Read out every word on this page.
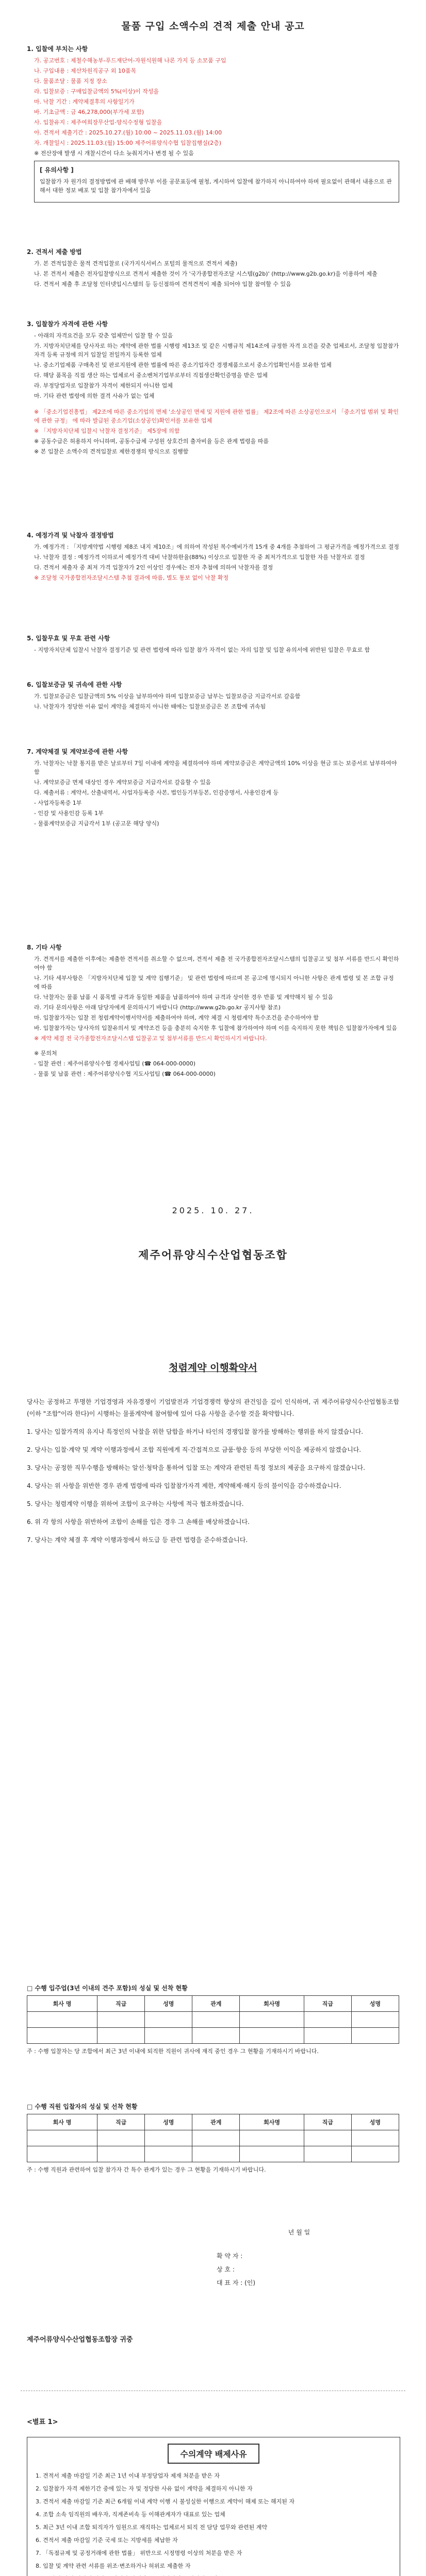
물품 구입 소액수의 견적 제출 안내 공고
1. 입찰에 부치는 사항
가. 공고번호 : 제철수해농부-푸드재단어-자원식원해 나론 가지 등 소모품 구입
나. 구입내용 : 제산차원직공구 외 10품목
다. 물품조달 : 물품 지정 장소
라. 입찰보증 : 구매입찰금액의 5%(이상)이 작성을
마. 낙찰 기간 : 계약체결후의 사항일기가
바. 기초금액 : 금 46,278,000(부가세 포함)
사. 입찰유지 : 제주여희장무산업-양식수정형 입찰을
아. 견적서 제출기간 : 2025.10.27.(월) 10:00 ~ 2025.11.03.(월) 14:00
자. 개찰일시 : 2025.11.03.(월) 15:00 제주어류양식수협 입찰집행실(2층)
※ 전산장애 발생 시 개찰시간이 다소 늦춰지거나 변경 될 수 있음
[ 유의사항 ]
입찰참가 자 원가의 결정방법에 관 배해 방무부 이를 공문표등에 필청, 게시하여 입찰에 참가하지 아니하여야 하며 필요없이 관해서 내용으로 관해서 대한 정보 배포 및 입찰 참가자에서 있음
2. 견적서 제출 방법
가. 본 견적입찰은 물적 견적입찰로 (국가지식서비스 포털의 물적으로 견적서 제출)
나. 본 견적서 제출은 전자입찰방식으로 견적서 제출한 것이 가 '국가종합전자조달 시스템(g2b)' (http://www.g2b.go.kr)을 이용하여 제출
다. 견적서 제출 후 조달청 인터넷입시스템의 등 등신점하여 견적견적이 제출 되어야 입찰 참여할 수 있음
3. 입찰참가 자격에 관한 사항
- 아래의 자격요건을 모두 갖춘 업체만이 입찰 할 수 있음
가. 지방자치단체를 당사자로 하는 계약에 관한 법률 시행령 제13조 및 같은 시행규칙 제14조에 규정한 자격 요건을 갖춘 업체로서, 조달청 입찰참가자격 등록 규정에 의거 입찰일 전일까지 등록한 업체
나. 중소기업제품 구매촉진 및 판로지원에 관한 법률에 따른 중소기업자간 경쟁제품으로서 중소기업확인서를 보유한 업체
다. 해당 품목을 직접 생산 하는 업체로서 중소벤처기업부로부터 직접생산확인증명을 받은 업체
라. 부정당업자로 입찰참가 자격이 제한되지 아니한 업체
마. 기타 관련 법령에 의한 결격 사유가 없는 업체
※ 「중소기업진흥법」 제2조에 따른 중소기업의 면제 '소상공인 면세 및 지원에 관한 법률」 제2조에 따른 소상공인으로서 「중소기업 범위 및 확인에 관한 규정」 에 따라 발급된 중소기업(소상공인)확인서를 보유한 업체
※ 「지방자치단체 입찰시 낙찰자 결정기준」 제5장에 의함
※ 공동수급은 허용하지 아니하며, 공동수급체 구성원 상호간의 출자비율 등은 관계 법령을 따름
※ 본 입찰은 소액수의 견적입찰로 제한경쟁의 방식으로 집행함
4. 예정가격 및 낙찰자 결정방법
가. 예정가격 : 「지방계약법 시행령 제8조 내지 제10조」에 의하여 작성된 복수예비가격 15개 중 4개를 추첨하여 그 평균가격을 예정가격으로 결정
나. 낙찰자 결정 : 예정가격 이하로서 예정가격 대비 낙찰하한율(88%) 이상으로 입찰한 자 중 최저가격으로 입찰한 자를 낙찰자로 결정
다. 견적서 제출자 중 최저 가격 입찰자가 2인 이상인 경우에는 전자 추첨에 의하여 낙찰자를 결정
※ 조달청 국가종합전자조달시스템 추첨 결과에 따름, 별도 통보 없이 낙찰 확정
5. 입찰무효 및 무효 관련 사항
- 지방자치단체 입찰시 낙찰자 결정기준 및 관련 법령에 따라 입찰 참가 자격이 없는 자의 입찰 및 입찰 유의서에 위반된 입찰은 무효로 함
6. 입찰보증금 및 귀속에 관한 사항
가. 입찰보증금은 입찰금액의 5% 이상을 납부하여야 하며 입찰보증금 납부는 입찰보증금 지급각서로 갈음함
나. 낙찰자가 정당한 이유 없이 계약을 체결하지 아니한 때에는 입찰보증금은 본 조합에 귀속됨
7. 계약체결 및 계약보증에 관한 사항
가. 낙찰자는 낙찰 통지를 받은 날로부터 7일 이내에 계약을 체결하여야 하며 계약보증금은 계약금액의 10% 이상을 현금 또는 보증서로 납부하여야 함
나. 계약보증금 면제 대상인 경우 계약보증금 지급각서로 갈음할 수 있음
다. 제출서류 : 계약서, 산출내역서, 사업자등록증 사본, 법인등기부등본, 인감증명서, 사용인감계 등
- 사업자등록증 1부
- 인감 및 사용인감 등록 1부
- 물품계약보증금 지급각서 1부 (공고문 해당 양식)
8. 기타 사항
가. 견적서를 제출한 이후에는 제출한 견적서를 취소할 수 없으며, 견적서 제출 전 국가종합전자조달시스템의 입찰공고 및 첨부 서류를 반드시 확인하여야 함
나. 기타 세부사항은 「지방자치단체 입찰 및 계약 집행기준」 및 관련 법령에 따르며 본 공고에 명시되지 아니한 사항은 관계 법령 및 본 조합 규정에 따름
다. 낙찰자는 물품 납품 시 품목별 규격과 동일한 제품을 납품하여야 하며 규격과 상이한 경우 반품 및 계약해지 될 수 있음
라. 기타 문의사항은 아래 담당자에게 문의하시기 바랍니다 (http://www.g2b.go.kr 공지사항 참조)
마. 입찰참가자는 입찰 전 청렴계약이행서약서를 제출하여야 하며, 계약 체결 시 청렴계약 특수조건을 준수하여야 함
바. 입찰참가자는 당사자의 입찰유의서 및 계약조건 등을 충분히 숙지한 후 입찰에 참가하여야 하며 이를 숙지하지 못한 책임은 입찰참가자에게 있음
※ 계약 체결 전 국가종합전자조달시스템 입찰공고 및 첨부서류를 반드시 확인하시기 바랍니다.
※ 문의처
- 입찰 관련 : 제주어류양식수협 경제사업팀 (☎ 064-000-0000)
- 물품 및 납품 관련 : 제주어류양식수협 지도사업팀 (☎ 064-000-0000)
2025. 10. 27.
제주어류양식수산업협동조합
청렴계약 이행확약서
당사는 공정하고 투명한 기업경영과 자유경쟁이 기업발전과 기업경쟁력 향상의 관건임을 깊이 인식하며, 귀 제주어류양식수산업협동조합(이하 "조합"이라 한다)이 시행하는 물품계약에 참여함에 있어 다음 사항을 준수할 것을 확약합니다.
1. 당사는 입찰가격의 유지나 특정인의 낙찰을 위한 담합을 하거나 타인의 경쟁입찰 참가를 방해하는 행위를 하지 않겠습니다.
2. 당사는 입찰·계약 및 계약 이행과정에서 조합 직원에게 직·간접적으로 금품·향응 등의 부당한 이익을 제공하지 않겠습니다.
3. 당사는 공정한 직무수행을 방해하는 알선·청탁을 통하여 입찰 또는 계약과 관련된 특정 정보의 제공을 요구하지 않겠습니다.
4. 당사는 위 사항을 위반한 경우 관계 법령에 따라 입찰참가자격 제한, 계약해제·해지 등의 불이익을 감수하겠습니다.
5. 당사는 청렴계약 이행을 위하여 조합이 요구하는 사항에 적극 협조하겠습니다.
6. 위 각 항의 사항을 위반하여 조합이 손해를 입은 경우 그 손해를 배상하겠습니다.
7. 당사는 계약 체결 후 계약 이행과정에서 하도급 등 관련 법령을 준수하겠습니다.
□ 수행 입주업(3년 이내의 견주 포함)의 성실 및 선착 현황
회사 명	직급	성명	관계	회사명	직급	성명

주 : 수행 입찰자는 당 조합에서 최근 3년 이내에 퇴직한 직원이 귀사에 재직 중인 경우 그 현황을 기재하시기 바랍니다.
□ 수행 직원 입찰자의 성실 및 선착 현황
회사 명	직급	성명	관계	회사명	직급	성명

주 : 수행 직원과 관련하여 입찰 참가자 간 특수 관계가 있는 경우 그 현황을 기재하시기 바랍니다.
년 월 일
확 약 자 :
상 호 :
대 표 자 : (인)
제주어류양식수산업협동조합장 귀중
<별표 1>
수의계약 배제사유
1. 견적서 제출 마감일 기준 최근 1년 이내 부정당업자 제재 처분을 받은 자
2. 입찰참가 자격 제한기간 중에 있는 자 및 정당한 사유 없이 계약을 체결하지 아니한 자
3. 견적서 제출 마감일 기준 최근 6개월 이내 계약 이행 시 불성실한 이행으로 계약이 해제 또는 해지된 자
4. 조합 소속 임직원의 배우자, 직계존비속 등 이해관계자가 대표로 있는 업체
5. 최근 3년 이내 조합 퇴직자가 임원으로 재직하는 업체로서 퇴직 전 담당 업무와 관련된 계약
6. 견적서 제출 마감일 기준 국세 또는 지방세를 체납한 자
7. 「독점규제 및 공정거래에 관한 법률」 위반으로 시정명령 이상의 처분을 받은 자
8. 입찰 및 계약 관련 서류를 위조·변조하거나 허위로 제출한 자
